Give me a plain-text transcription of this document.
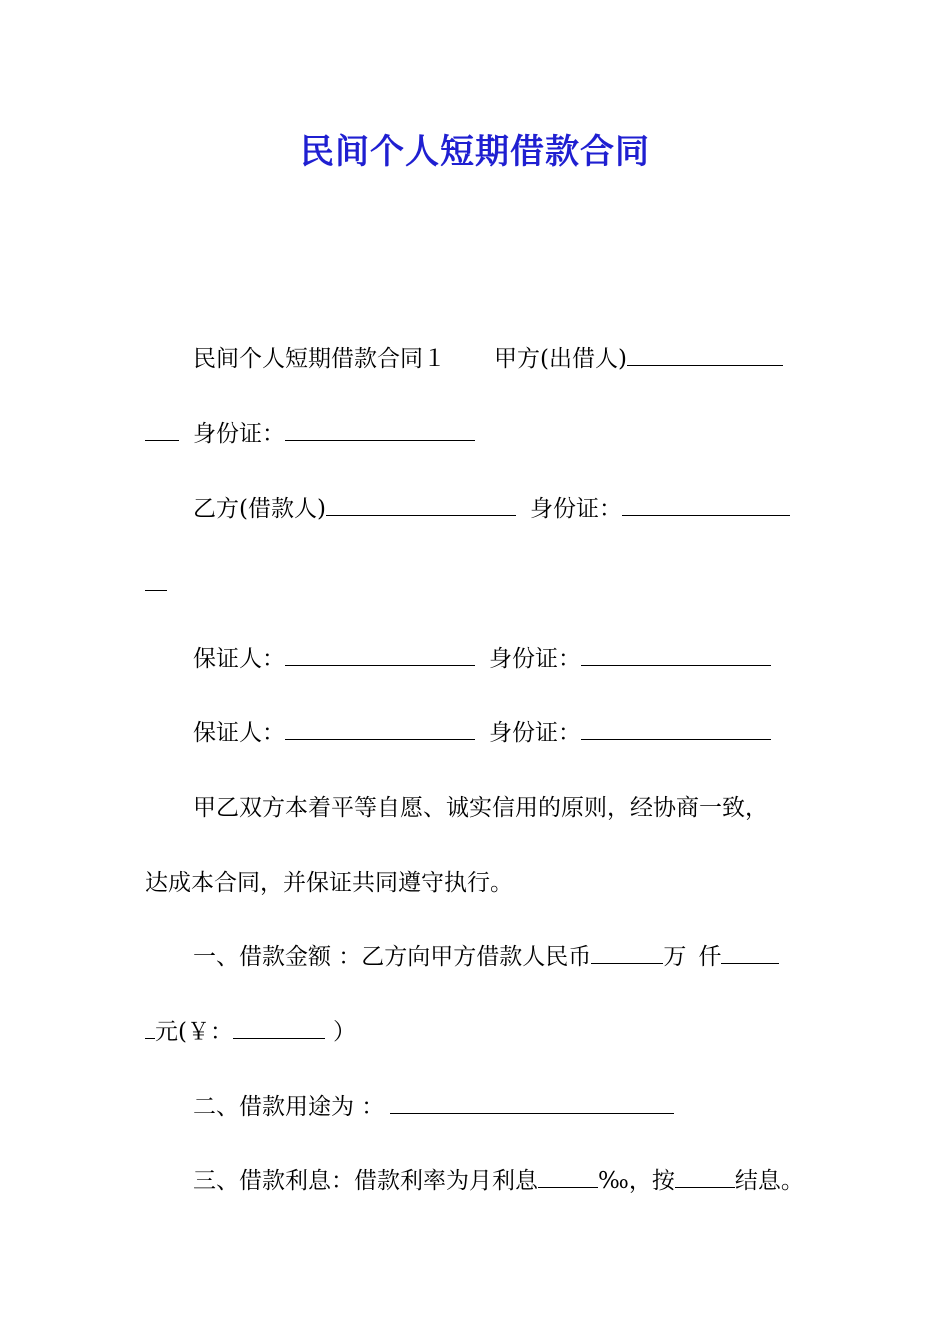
民间个人短期借款合同
民间个人短期借款合同１ 甲方(出借人)
身份证：
乙方(借款人)	身份证：
保证人：	身份证：
保证人：	身份证：
甲乙双方本着平等自愿、诚实信用的原则，经协商一致，
达成本合同，并保证共同遵守执行。
一、借款金额 ：乙方向甲方借款人民币	万 仟
元(￥：	）
二、借款用途为 ：
三、借款利息：借款利率为月利息	‰，按	结息。
